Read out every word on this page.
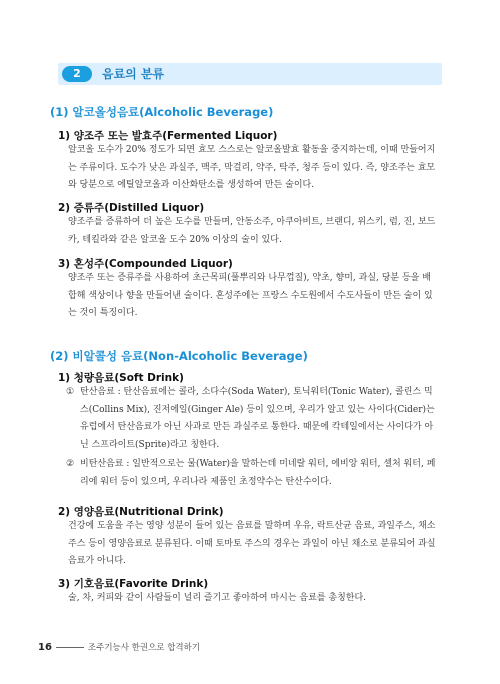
2	음료의 분류
(1) 알코올성음료(Alcoholic Beverage)
1) 양조주 또는 발효주(Fermented Liquor)
알코올 도수가 20% 정도가 되면 효모 스스로는 알코올발효 활동을 중지하는데, 이때 만들어지는 주류이다. 도수가 낮은 과실주, 맥주, 막걸리, 약주, 탁주, 청주 등이 있다. 즉, 양조주는 효모와 당분으로 에틸알코올과 이산화탄소를 생성하여 만든 술이다.
2) 증류주(Distilled Liquor)
양조주를 증류하여 더 높은 도수를 만들며, 안동소주, 아쿠아비트, 브랜디, 위스키, 럼, 진, 보드카, 테킬라와 같은 알코올 도수 20% 이상의 술이 있다.
3) 혼성주(Compounded Liquor)
양조주 또는 증류주를 사용하여 초근목피(풀뿌리와 나무껍질), 약초, 향미, 과실, 당분 등을 배합해 색상이나 향을 만들어낸 술이다. 혼성주에는 프랑스 수도원에서 수도사들이 만든 술이 있는 것이 특징이다.
(2) 비알콜성 음료(Non-Alcoholic Beverage)
1) 청량음료(Soft Drink)
① 탄산음료 : 탄산음료에는 콜라, 소다수(Soda Water), 토닉워터(Tonic Water), 콜린스 믹스(Collins Mix), 진저에일(Ginger Ale) 등이 있으며, 우리가 알고 있는 사이다(Cider)는 유럽에서 탄산음료가 아닌 사과로 만든 과실주로 통한다. 때문에 칵테일에서는 사이다가 아닌 스프라이트(Sprite)라고 칭한다.
② 비탄산음료 : 일반적으로는 물(Water)을 말하는데 미네랄 워터, 에비앙 워터, 셀처 워터, 페리에 워터 등이 있으며, 우리나라 제품인 초정약수는 탄산수이다.
2) 영양음료(Nutritional Drink)
건강에 도움을 주는 영양 성분이 들어 있는 음료를 말하며 우유, 락트산균 음료, 과일주스, 채소주스 등이 영양음료로 분류된다. 이때 토마토 주스의 경우는 과일이 아닌 채소로 분류되어 과실음료가 아니다.
3) 기호음료(Favorite Drink)
술, 차, 커피와 같이 사람들이 널리 즐기고 좋아하여 마시는 음료를 총칭한다.
16	조주기능사 한권으로 합격하기
